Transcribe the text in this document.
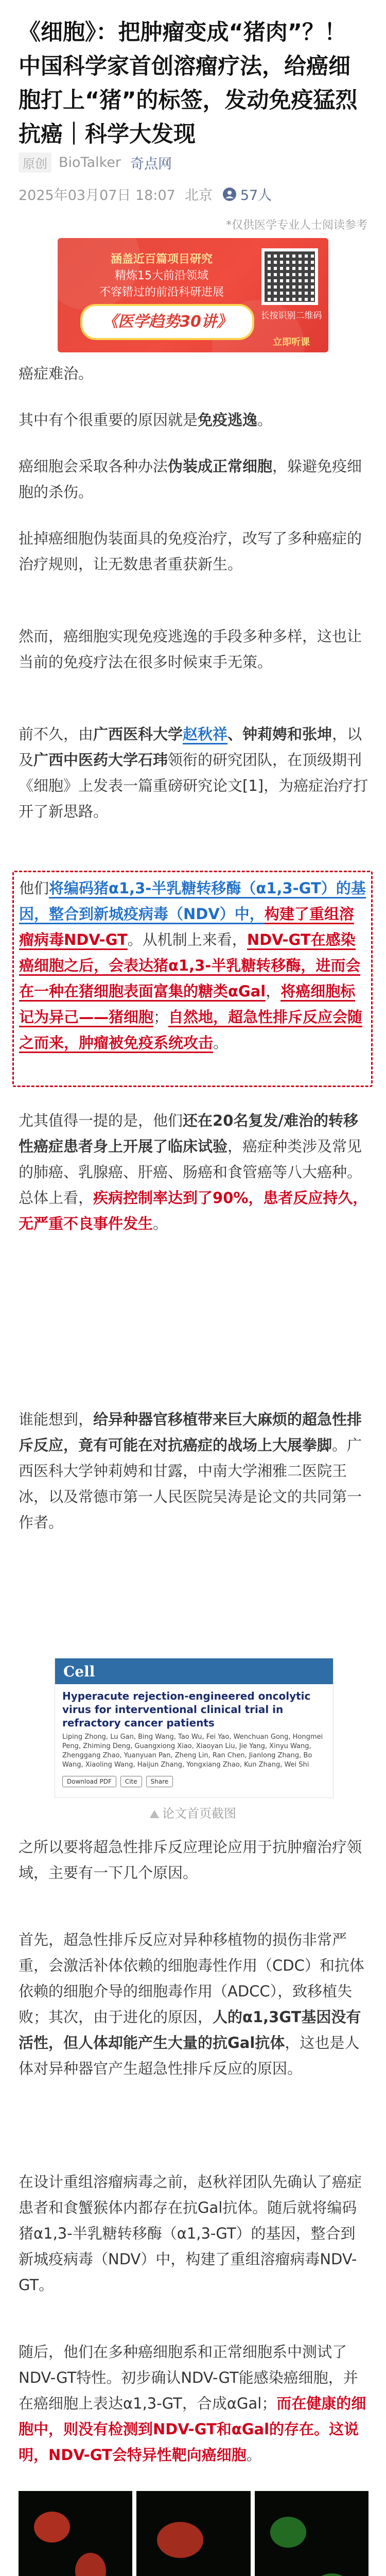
《细胞》：把肿瘤变成“猪肉”？！中国科学家首创溶瘤疗法，给癌细胞打上“猪”的标签，发动免疫猛烈抗癌｜科学大发现
原创 BioTalker 奇点网
2025年03月07日 18:07 北京 57人
*仅供医学专业人士阅读参考
涵盖近百篇项目研究
精炼15大前沿领域
不容错过的前沿科研进展
《医学趋势30讲》	长按识别二维码
立即听课

癌症难治。

其中有个很重要的原因就是免疫逃逸。

癌细胞会采取各种办法伪装成正常细胞，躲避免疫细胞的杀伤。

扯掉癌细胞伪装面具的免疫治疗，改写了多种癌症的治疗规则，让无数患者重获新生。

然而，癌细胞实现免疫逃逸的手段多种多样，这也让当前的免疫疗法在很多时候束手无策。

前不久，由广西医科大学赵秋祥、钟莉娉和张坤，以及广西中医药大学石玮领衔的研究团队，在顶级期刊《细胞》上发表一篇重磅研究论文[1]，为癌症治疗打开了新思路。

他们将编码猪α1,3-半乳糖转移酶（α1,3-GT）的基因，整合到新城疫病毒（NDV）中，构建了重组溶瘤病毒NDV-GT。从机制上来看，NDV-GT在感染癌细胞之后，会表达猪α1,3-半乳糖转移酶，进而会在一种在猪细胞表面富集的糖类αGal，将癌细胞标记为异己——猪细胞；自然地，超急性排斥反应会随之而来，肿瘤被免疫系统攻击。

尤其值得一提的是，他们还在20名复发/难治的转移性癌症患者身上开展了临床试验，癌症种类涉及常见的肺癌、乳腺癌、肝癌、肠癌和食管癌等八大癌种。总体上看，疾病控制率达到了90%，患者反应持久，无严重不良事件发生。

谁能想到，给异种器官移植带来巨大麻烦的超急性排斥反应，竟有可能在对抗癌症的战场上大展拳脚。广西医科大学钟莉娉和甘露，中南大学湘雅二医院王冰，以及常德市第一人民医院吴涛是论文的共同第一作者。

Cell
Hyperacute rejection-engineered oncolytic virus for interventional clinical trial in refractory cancer patients
Liping Zhong, Lu Gan, Bing Wang, Tao Wu, Fei Yao, Wenchuan Gong, Hongmei Peng, Zhiming Deng, Guangxiong Xiao, Xiaoyan Liu, Jie Yang, Xinyu Wang, Zhenggang Zhao, Yuanyuan Pan, Zheng Lin, Ran Chen, Jianlong Zhang, Bo Wang, Xiaoling Wang, Haijun Zhang, Yongxiang Zhao, Kun Zhang, Wei Shi
Download PDF	Cite	Share
论文首页截图

之所以要将超急性排斥反应理论应用于抗肿瘤治疗领域，主要有一下几个原因。

首先，超急性排斥反应对异种移植物的损伤非常严重，会激活补体依赖的细胞毒性作用（CDC）和抗体依赖的细胞介导的细胞毒作用（ADCC），致移植失败；其次，由于进化的原因，人的α1,3GT基因没有活性，但人体却能产生大量的抗Gal抗体，这也是人体对异种器官产生超急性排斥反应的原因。

在设计重组溶瘤病毒之前，赵秋祥团队先确认了癌症患者和食蟹猴体内都存在抗Gal抗体。随后就将编码猪α1,3-半乳糖转移酶（α1,3-GT）的基因，整合到新城疫病毒（NDV）中，构建了重组溶瘤病毒NDV-GT。

随后，他们在多种癌细胞系和正常细胞系中测试了NDV-GT特性。初步确认NDV-GT能感染癌细胞，并在癌细胞上表达α1,3-GT，合成αGal；而在健康的细胞中，则没有检测到NDV-GT和αGal的存在。这说明，NDV-GT会特异性靶向癌细胞。
